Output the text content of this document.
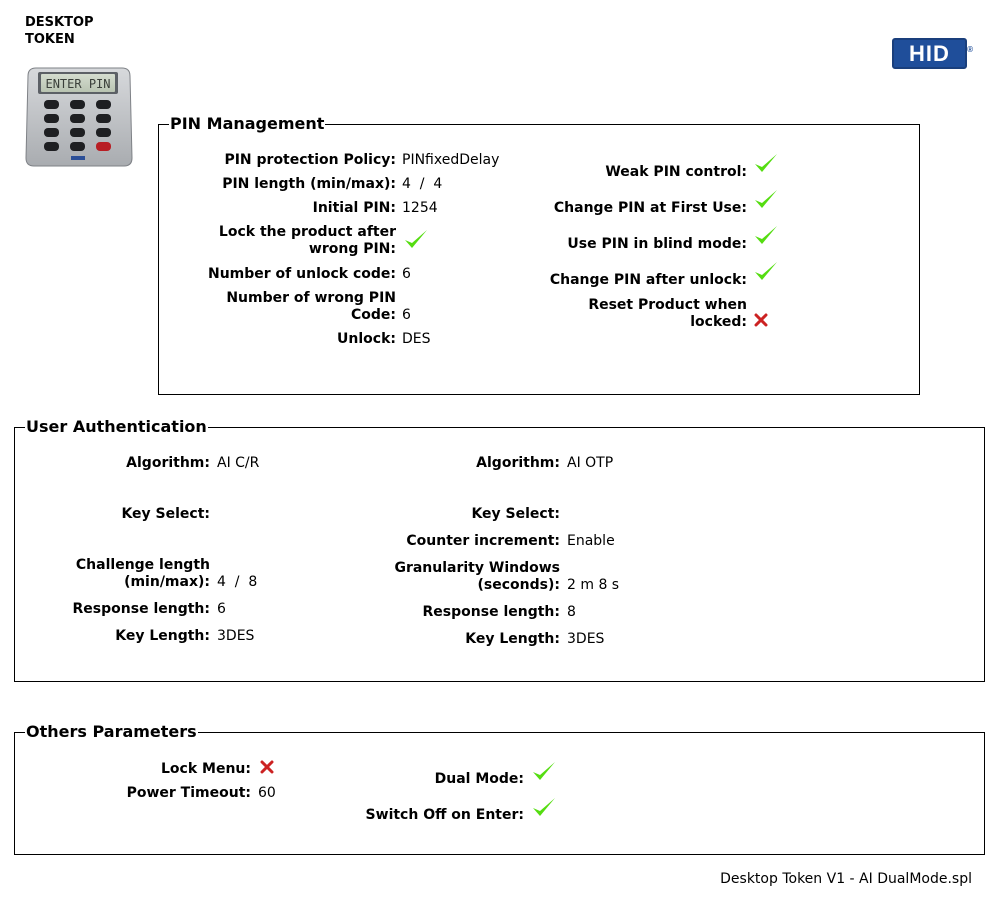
DESKTOP
TOKEN
ENTER PIN
HID ®
PIN Management
PIN protection Policy: PINfixedDelay
PIN length (min/max): 4  /  4
Initial PIN: 1254
Lock the product after
wrong PIN:
Number of unlock code: 6
Number of wrong PIN
Code: 6
Unlock: DES
Weak PIN control:
Change PIN at First Use:
Use PIN in blind mode:
Change PIN after unlock:
Reset Product when
locked:
User Authentication
Algorithm: AI C/R
Key Select:
Challenge length
(min/max): 4  /  8
Response length: 6
Key Length: 3DES
Algorithm: AI OTP
Key Select:
Counter increment: Enable
Granularity Windows
(seconds): 2 m 8 s
Response length: 8
Key Length: 3DES
Others Parameters
Lock Menu:
Power Timeout: 60
Dual Mode:
Switch Off on Enter:
Desktop Token V1 - AI DualMode.spl
